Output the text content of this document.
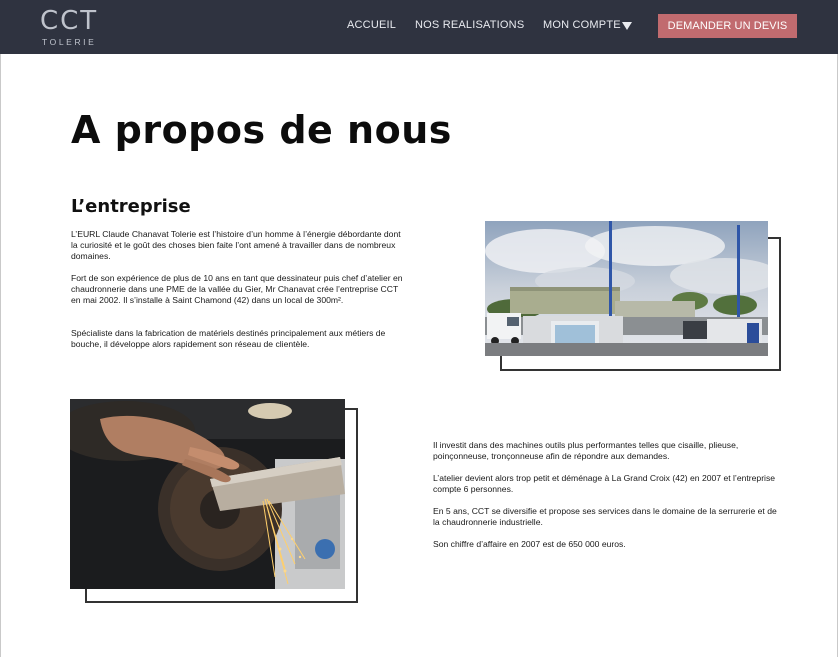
CCT
TOLERIE
ACCUEIL NOS REALISATIONS MON COMPTE	DEMANDER UN DEVIS
A propos de nous
L’entreprise

L’EURL Claude Chanavat Tolerie est l’histoire d’un homme à l’énergie débordante dont la curiosité et le goût des choses bien faite l’ont amené à travailler dans de nombreux domaines.

Fort de son expérience de plus de 10 ans en tant que dessinateur puis chef d’atelier en chaudronnerie dans une PME de la vallée du Gier, Mr Chanavat crée l’entreprise CCT en mai 2002. Il s’installe à Saint Chamond (42) dans un local de 300m².

Spécialiste dans la fabrication de matériels destinés principalement aux métiers de bouche, il développe alors rapidement son réseau de clientèle.

Il investit dans des machines outils plus performantes telles que cisaille, plieuse, poinçonneuse, tronçonneuse afin de répondre aux demandes.

L’atelier devient alors trop petit et déménage à La Grand Croix (42) en 2007 et l’entreprise compte 6 personnes.

En 5 ans, CCT se diversifie et propose ses services dans le domaine de la serrurerie et de la chaudronnerie industrielle.

Son chiffre d’affaire en 2007 est de 650 000 euros.
